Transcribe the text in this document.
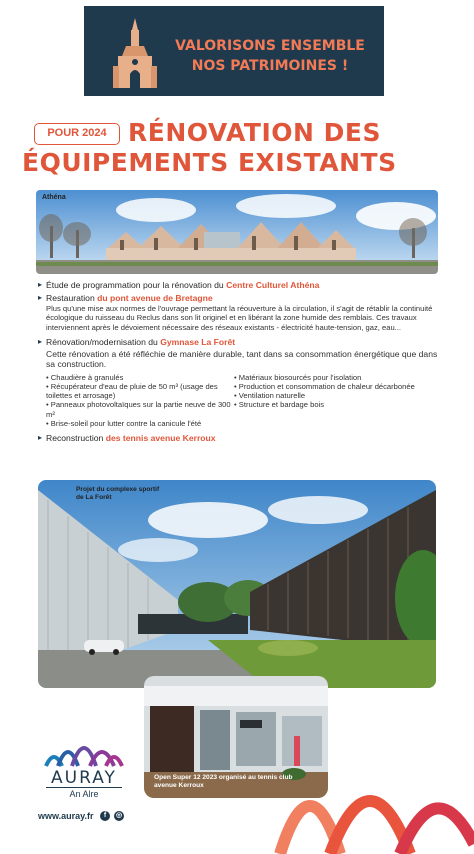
VALORISONS ENSEMBLE
NOS PATRIMOINES !
POUR 2024 RÉNOVATION DES
ÉQUIPEMENTS EXISTANTS
Athéna
▸ Étude de programmation pour la rénovation du Centre Culturel Athéna
▸ Restauration du pont avenue de Bretagne
Plus qu'une mise aux normes de l'ouvrage permettant la réouverture à la circulation, il s'agit de rétablir la continuité écologique du ruisseau du Reclus dans son lit originel et en libérant la zone humide des remblais. Ces travaux interviennent après le dévoiement nécessaire des réseaux existants - électricité haute-tension, gaz, eau...
▸ Rénovation/modernisation du Gymnase La Forêt
Cette rénovation a été réfléchie de manière durable, tant dans sa consommation énergétique que dans sa construction.
• Chaudière à granulés
• Récupérateur d'eau de pluie de 50 m³ (usage des toilettes et arrosage)
• Panneaux photovoltaïques sur la partie neuve de 300 m²
• Brise-soleil pour lutter contre la canicule l'été
• Matériaux biosourcés pour l'isolation
• Production et consommation de chaleur décarbonée
• Ventilation naturelle
• Structure et bardage bois
▸ Reconstruction des tennis avenue Kerroux
Projet du complexe sportif de La Forêt
Open Super 12 2023 organisé au tennis club avenue Kerroux
AURAY
An Alre
www.auray.fr	f	◎
